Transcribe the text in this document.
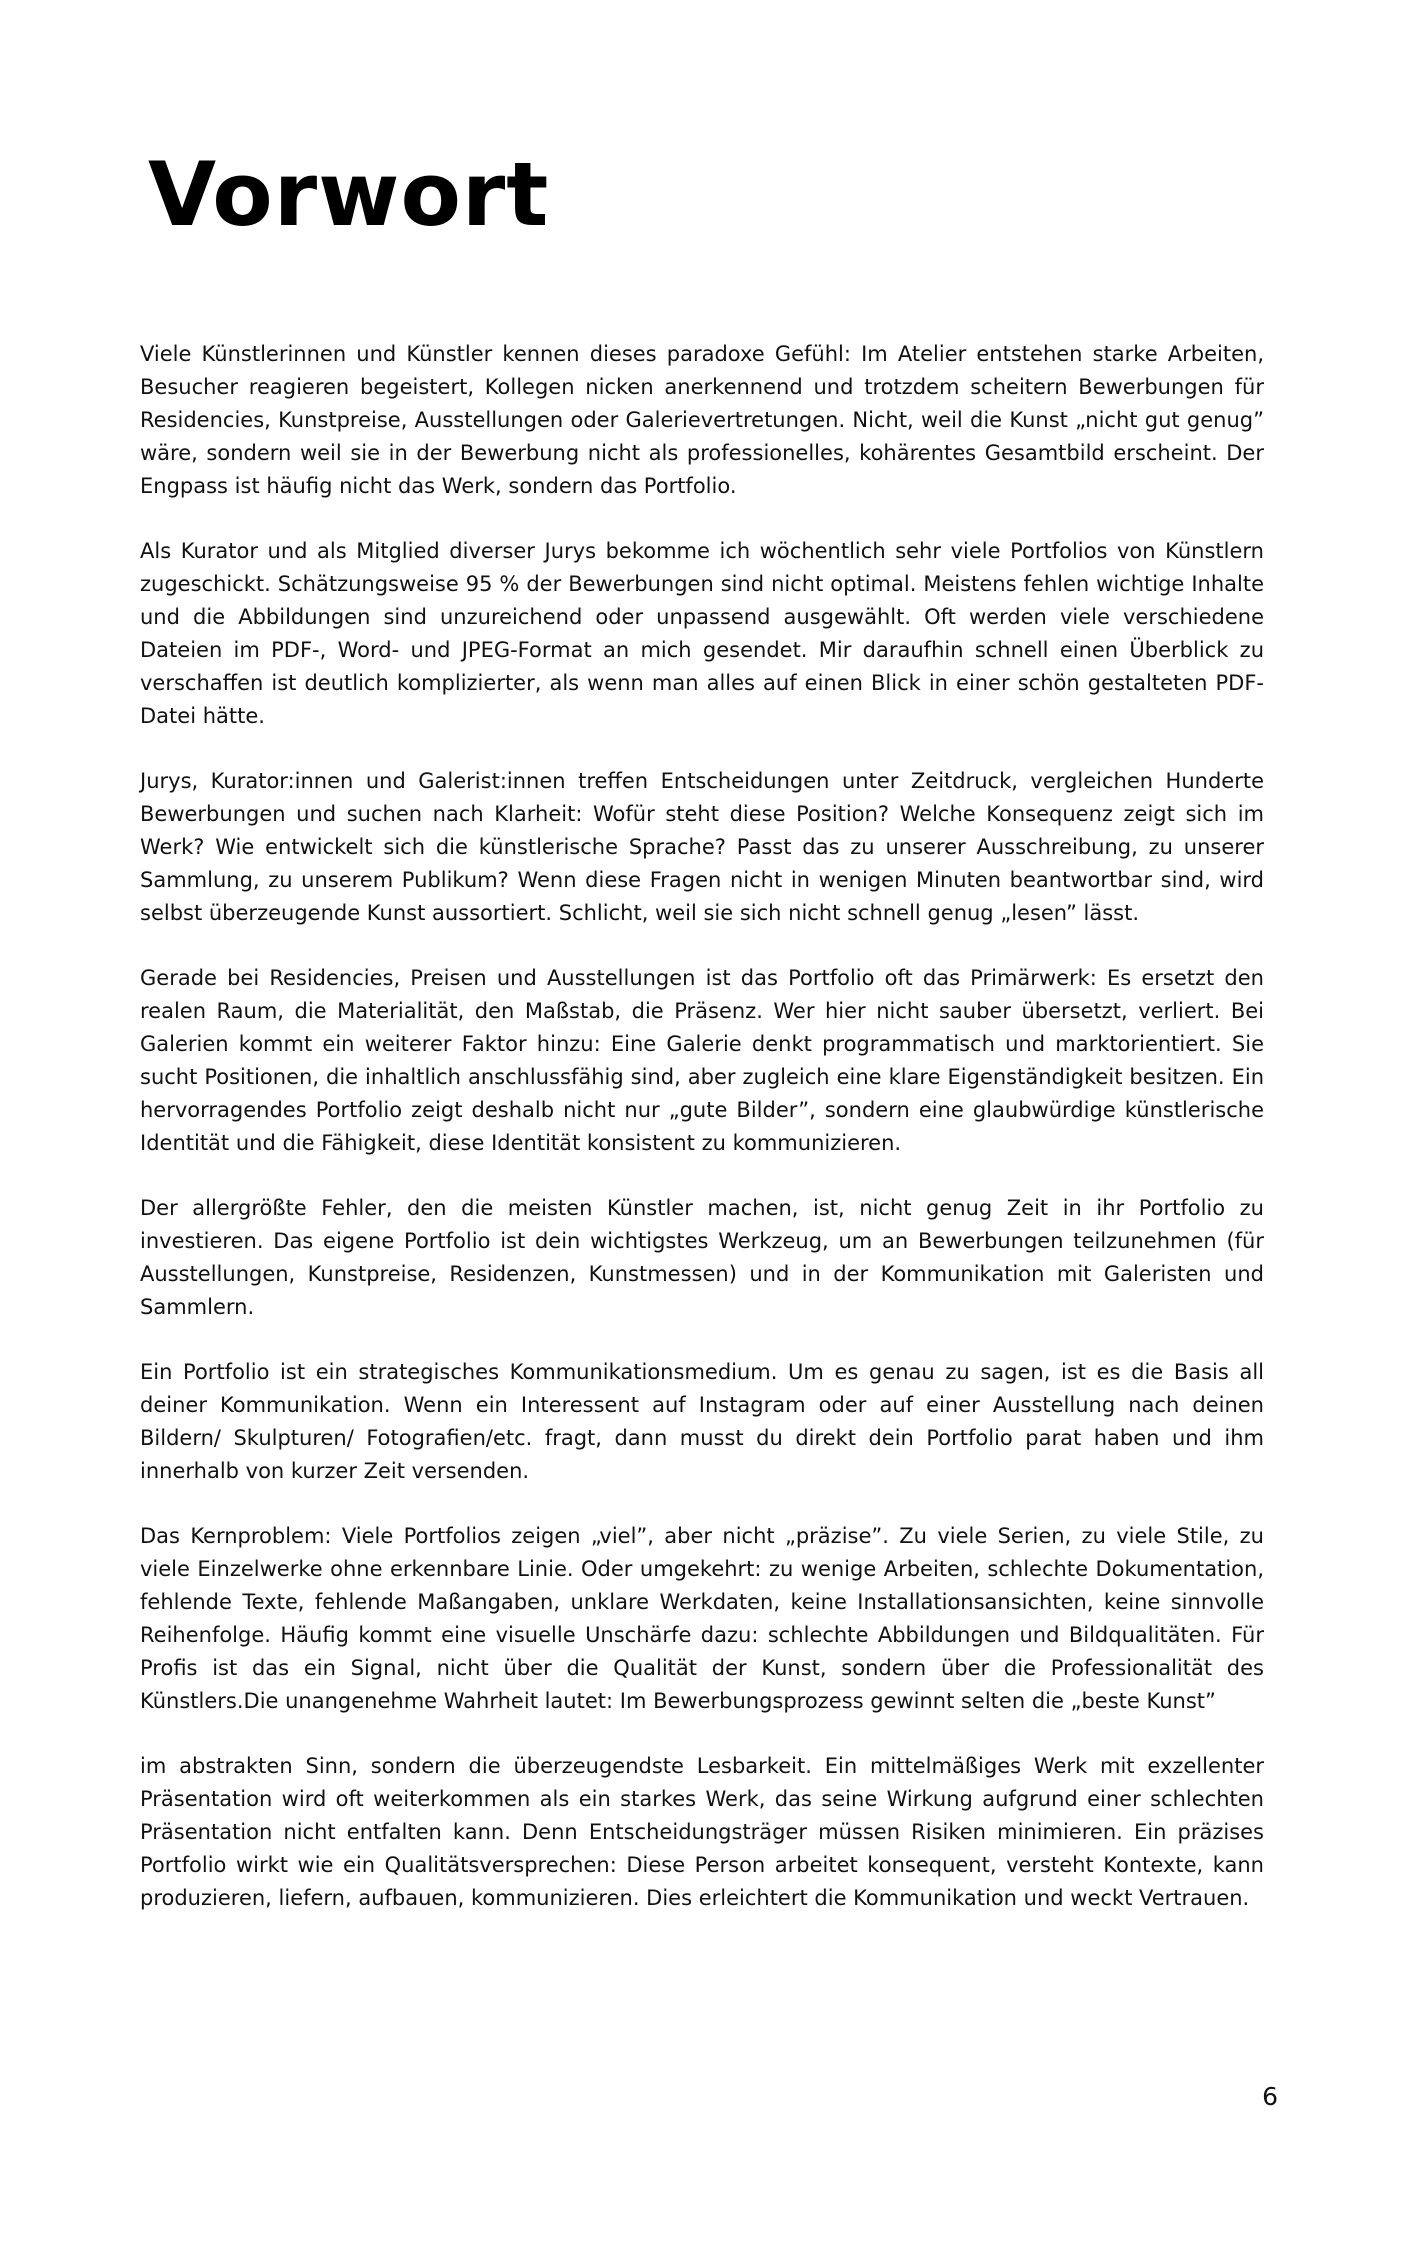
Vorwort

Viele Künstlerinnen und Künstler kennen dieses paradoxe Gefühl: Im Atelier entstehen starke Arbeiten, Besucher reagieren begeistert, Kollegen nicken anerkennend und trotzdem scheitern Bewerbungen für Residencies, Kunstpreise, Ausstellungen oder Galerievertretungen. Nicht, weil die Kunst „nicht gut genug” wäre, sondern weil sie in der Bewerbung nicht als professionelles, kohärentes Gesamtbild erscheint. Der Engpass ist häufig nicht das Werk, sondern das Portfolio.

Als Kurator und als Mitglied diverser Jurys bekomme ich wöchentlich sehr viele Portfolios von Künstlern zugeschickt. Schätzungsweise 95 % der Bewerbungen sind nicht optimal. Meistens fehlen wichtige Inhalte und die Abbildungen sind unzureichend oder unpassend ausgewählt. Oft werden viele verschiedene Dateien im PDF-, Word- und JPEG-Format an mich gesendet. Mir daraufhin schnell einen Überblick zu verschaffen ist deutlich komplizierter, als wenn man alles auf einen Blick in einer schön gestalteten PDF-Datei hätte.

Jurys, Kurator:innen und Galerist:innen treffen Entscheidungen unter Zeitdruck, vergleichen Hunderte Bewerbungen und suchen nach Klarheit: Wofür steht diese Position? Welche Konsequenz zeigt sich im Werk? Wie entwickelt sich die künstlerische Sprache? Passt das zu unserer Ausschreibung, zu unserer Sammlung, zu unserem Publikum? Wenn diese Fragen nicht in wenigen Minuten beantwortbar sind, wird selbst überzeugende Kunst aussortiert. Schlicht, weil sie sich nicht schnell genug „lesen” lässt.

Gerade bei Residencies, Preisen und Ausstellungen ist das Portfolio oft das Primärwerk: Es ersetzt den realen Raum, die Materialität, den Maßstab, die Präsenz. Wer hier nicht sauber übersetzt, verliert. Bei Galerien kommt ein weiterer Faktor hinzu: Eine Galerie denkt programmatisch und marktorientiert. Sie sucht Positionen, die inhaltlich anschlussfähig sind, aber zugleich eine klare Eigenständigkeit besitzen. Ein hervorragendes Portfolio zeigt deshalb nicht nur „gute Bilder”, sondern eine glaubwürdige künstlerische Identität und die Fähigkeit, diese Identität konsistent zu kommunizieren.

Der allergrößte Fehler, den die meisten Künstler machen, ist, nicht genug Zeit in ihr Portfolio zu investieren. Das eigene Portfolio ist dein wichtigstes Werkzeug, um an Bewerbungen teilzunehmen (für Ausstellungen, Kunstpreise, Residenzen, Kunstmessen) und in der Kommunikation mit Galeristen und Sammlern.

Ein Portfolio ist ein strategisches Kommunikationsmedium. Um es genau zu sagen, ist es die Basis all deiner Kommunikation. Wenn ein Interessent auf Instagram oder auf einer Ausstellung nach deinen Bildern/ Skulpturen/ Fotografien/etc. fragt, dann musst du direkt dein Portfolio parat haben und ihm innerhalb von kurzer Zeit versenden.

Das Kernproblem: Viele Portfolios zeigen „viel”, aber nicht „präzise”. Zu viele Serien, zu viele Stile, zu viele Einzelwerke ohne erkennbare Linie. Oder umgekehrt: zu wenige Arbeiten, schlechte Dokumentation, fehlende Texte, fehlende Maßangaben, unklare Werkdaten, keine Installationsansichten, keine sinnvolle Reihenfolge. Häufig kommt eine visuelle Unschärfe dazu: schlechte Abbildungen und Bildqualitäten. Für Profis ist das ein Signal, nicht über die Qualität der Kunst, sondern über die Professionalität des Künstlers.Die unangenehme Wahrheit lautet: Im Bewerbungsprozess gewinnt selten die „beste Kunst”

im abstrakten Sinn, sondern die überzeugendste Lesbarkeit. Ein mittelmäßiges Werk mit exzellenter Präsentation wird oft weiterkommen als ein starkes Werk, das seine Wirkung aufgrund einer schlechten Präsentation nicht entfalten kann. Denn Entscheidungsträger müssen Risiken minimieren. Ein präzises Portfolio wirkt wie ein Qualitätsversprechen: Diese Person arbeitet konsequent, versteht Kontexte, kann produzieren, liefern, aufbauen, kommunizieren. Dies erleichtert die Kommunikation und weckt Vertrauen.

6
